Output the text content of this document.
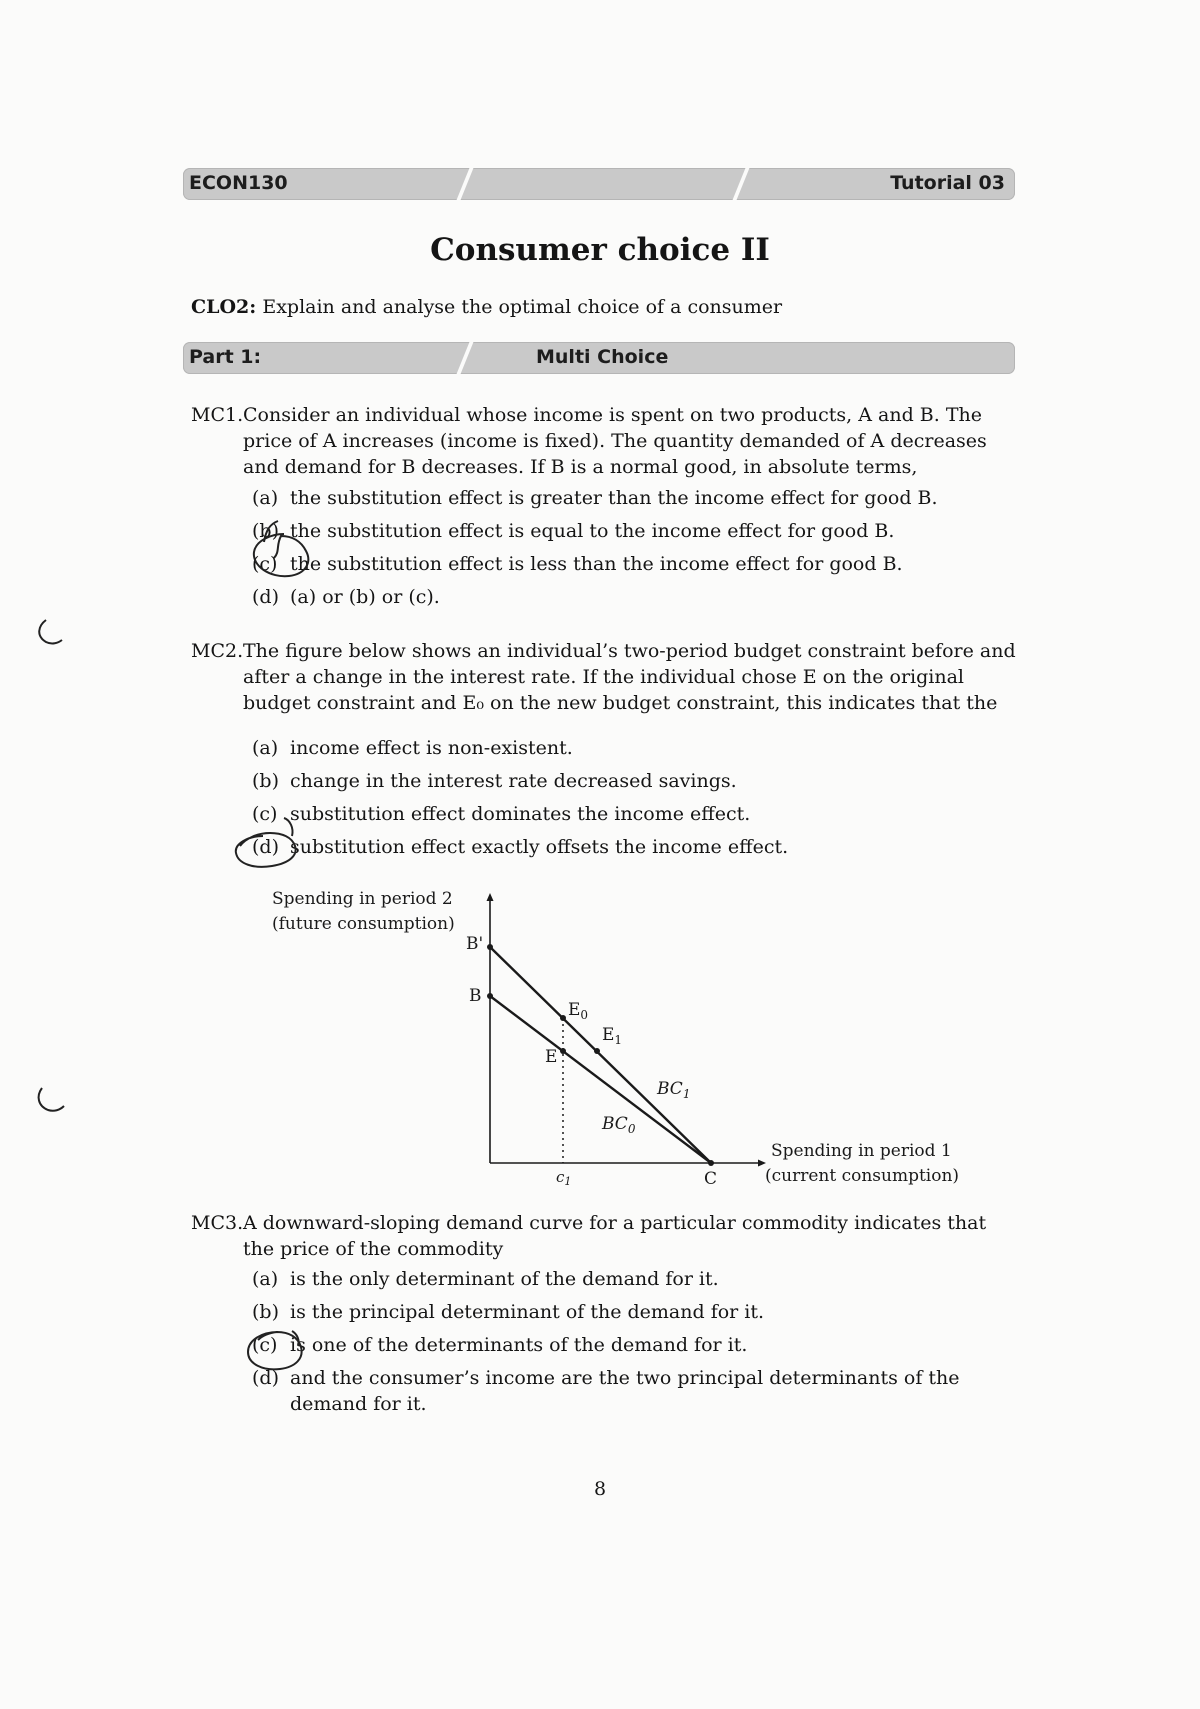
ECON130	Tutorial 03
Consumer choice II
CLO2: Explain and analyse the optimal choice of a consumer
Part 1:	Multi Choice
MC1. Consider an individual whose income is spent on two products, A and B. The price of A increases (income is fixed). The quantity demanded of A decreases and demand for B decreases. If B is a normal good, in absolute terms,
(a) the substitution effect is greater than the income effect for good B.
(b) the substitution effect is equal to the income effect for good B.
(c) the substitution effect is less than the income effect for good B.
(d) (a) or (b) or (c).
MC2. The figure below shows an individual’s two-period budget constraint before and after a change in the interest rate. If the individual chose E on the original budget constraint and E₀ on the new budget constraint, this indicates that the
(a) income effect is non-existent.
(b) change in the interest rate decreased savings.
(c) substitution effect dominates the income effect.
(d) substitution effect exactly offsets the income effect.
Spending in period 2
(future consumption)
Spending in period 1
(current consumption)
B'
B
$E_0$
$E_1$
E
$BC_1$
$BC_0$
$c_1$	C
MC3. A downward-sloping demand curve for a particular commodity indicates that the price of the commodity
(a) is the only determinant of the demand for it.
(b) is the principal determinant of the demand for it.
(c) is one of the determinants of the demand for it.
(d) and the consumer’s income are the two principal determinants of the demand for it.
8
